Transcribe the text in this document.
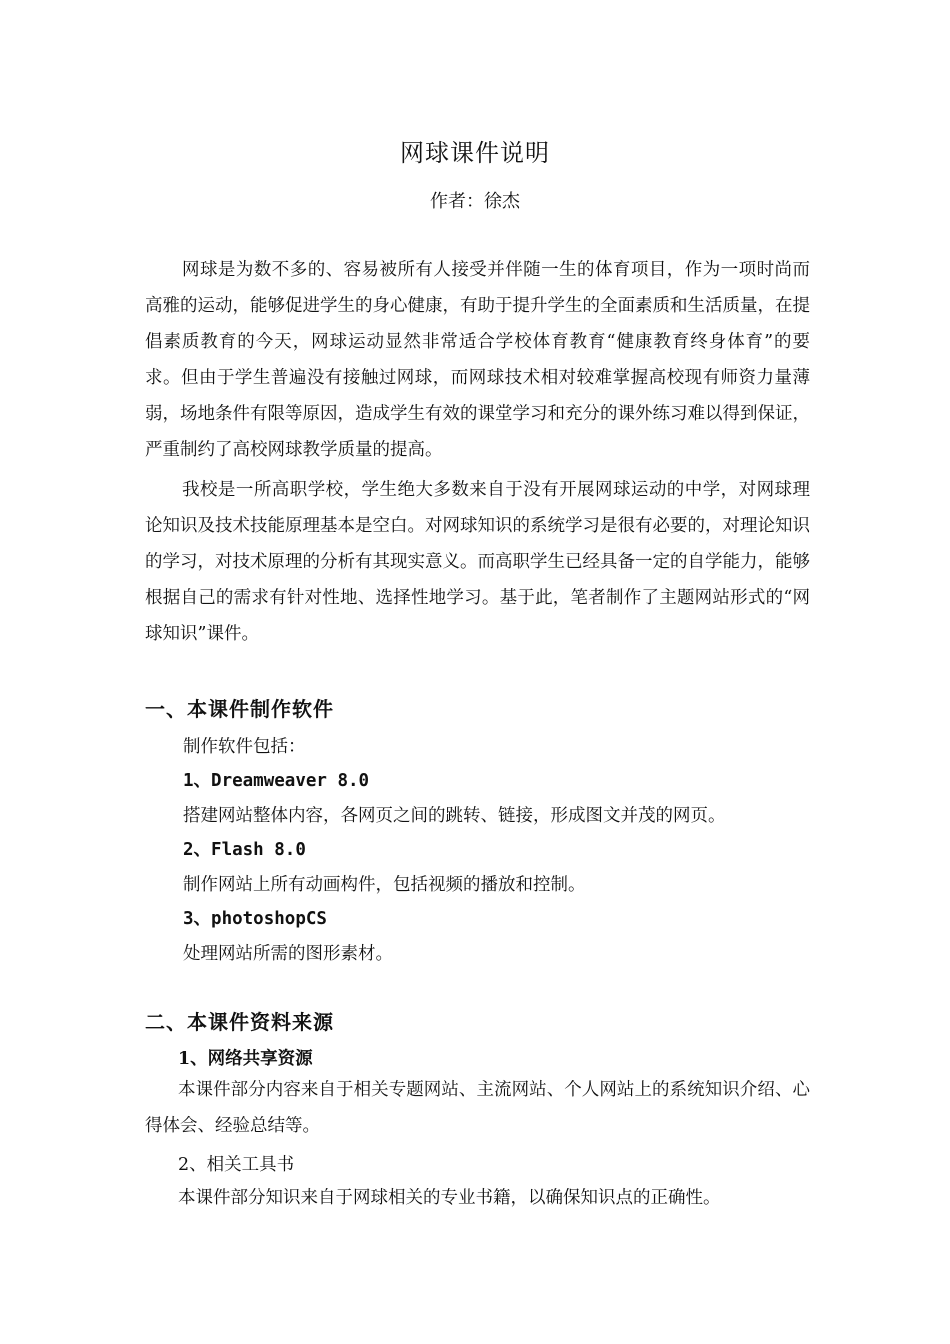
网球课件说明
作者：徐杰

网球是为数不多的、容易被所有人接受并伴随一生的体育项目，作为一项时尚而高雅的运动，能够促进学生的身心健康，有助于提升学生的全面素质和生活质量，在提倡素质教育的今天，网球运动显然非常适合学校体育教育“健康教育终身体育”的要求。但由于学生普遍没有接触过网球，而网球技术相对较难掌握高校现有师资力量薄弱，场地条件有限等原因，造成学生有效的课堂学习和充分的课外练习难以得到保证，严重制约了高校网球教学质量的提高。

我校是一所高职学校，学生绝大多数来自于没有开展网球运动的中学，对网球理论知识及技术技能原理基本是空白。对网球知识的系统学习是很有必要的，对理论知识的学习，对技术原理的分析有其现实意义。而高职学生已经具备一定的自学能力，能够根据自己的需求有针对性地、选择性地学习。基于此，笔者制作了主题网站形式的“网球知识”课件。

一、本课件制作软件
制作软件包括：
1、Dreamweaver 8.0
搭建网站整体内容，各网页之间的跳转、链接，形成图文并茂的网页。
2、Flash 8.0
制作网站上所有动画构件，包括视频的播放和控制。
3、photoshopCS
处理网站所需的图形素材。
二、本课件资料来源
1、网络共享资源

本课件部分内容来自于相关专题网站、主流网站、个人网站上的系统知识介绍、心得体会、经验总结等。

2、相关工具书
本课件部分知识来自于网球相关的专业书籍，以确保知识点的正确性。
